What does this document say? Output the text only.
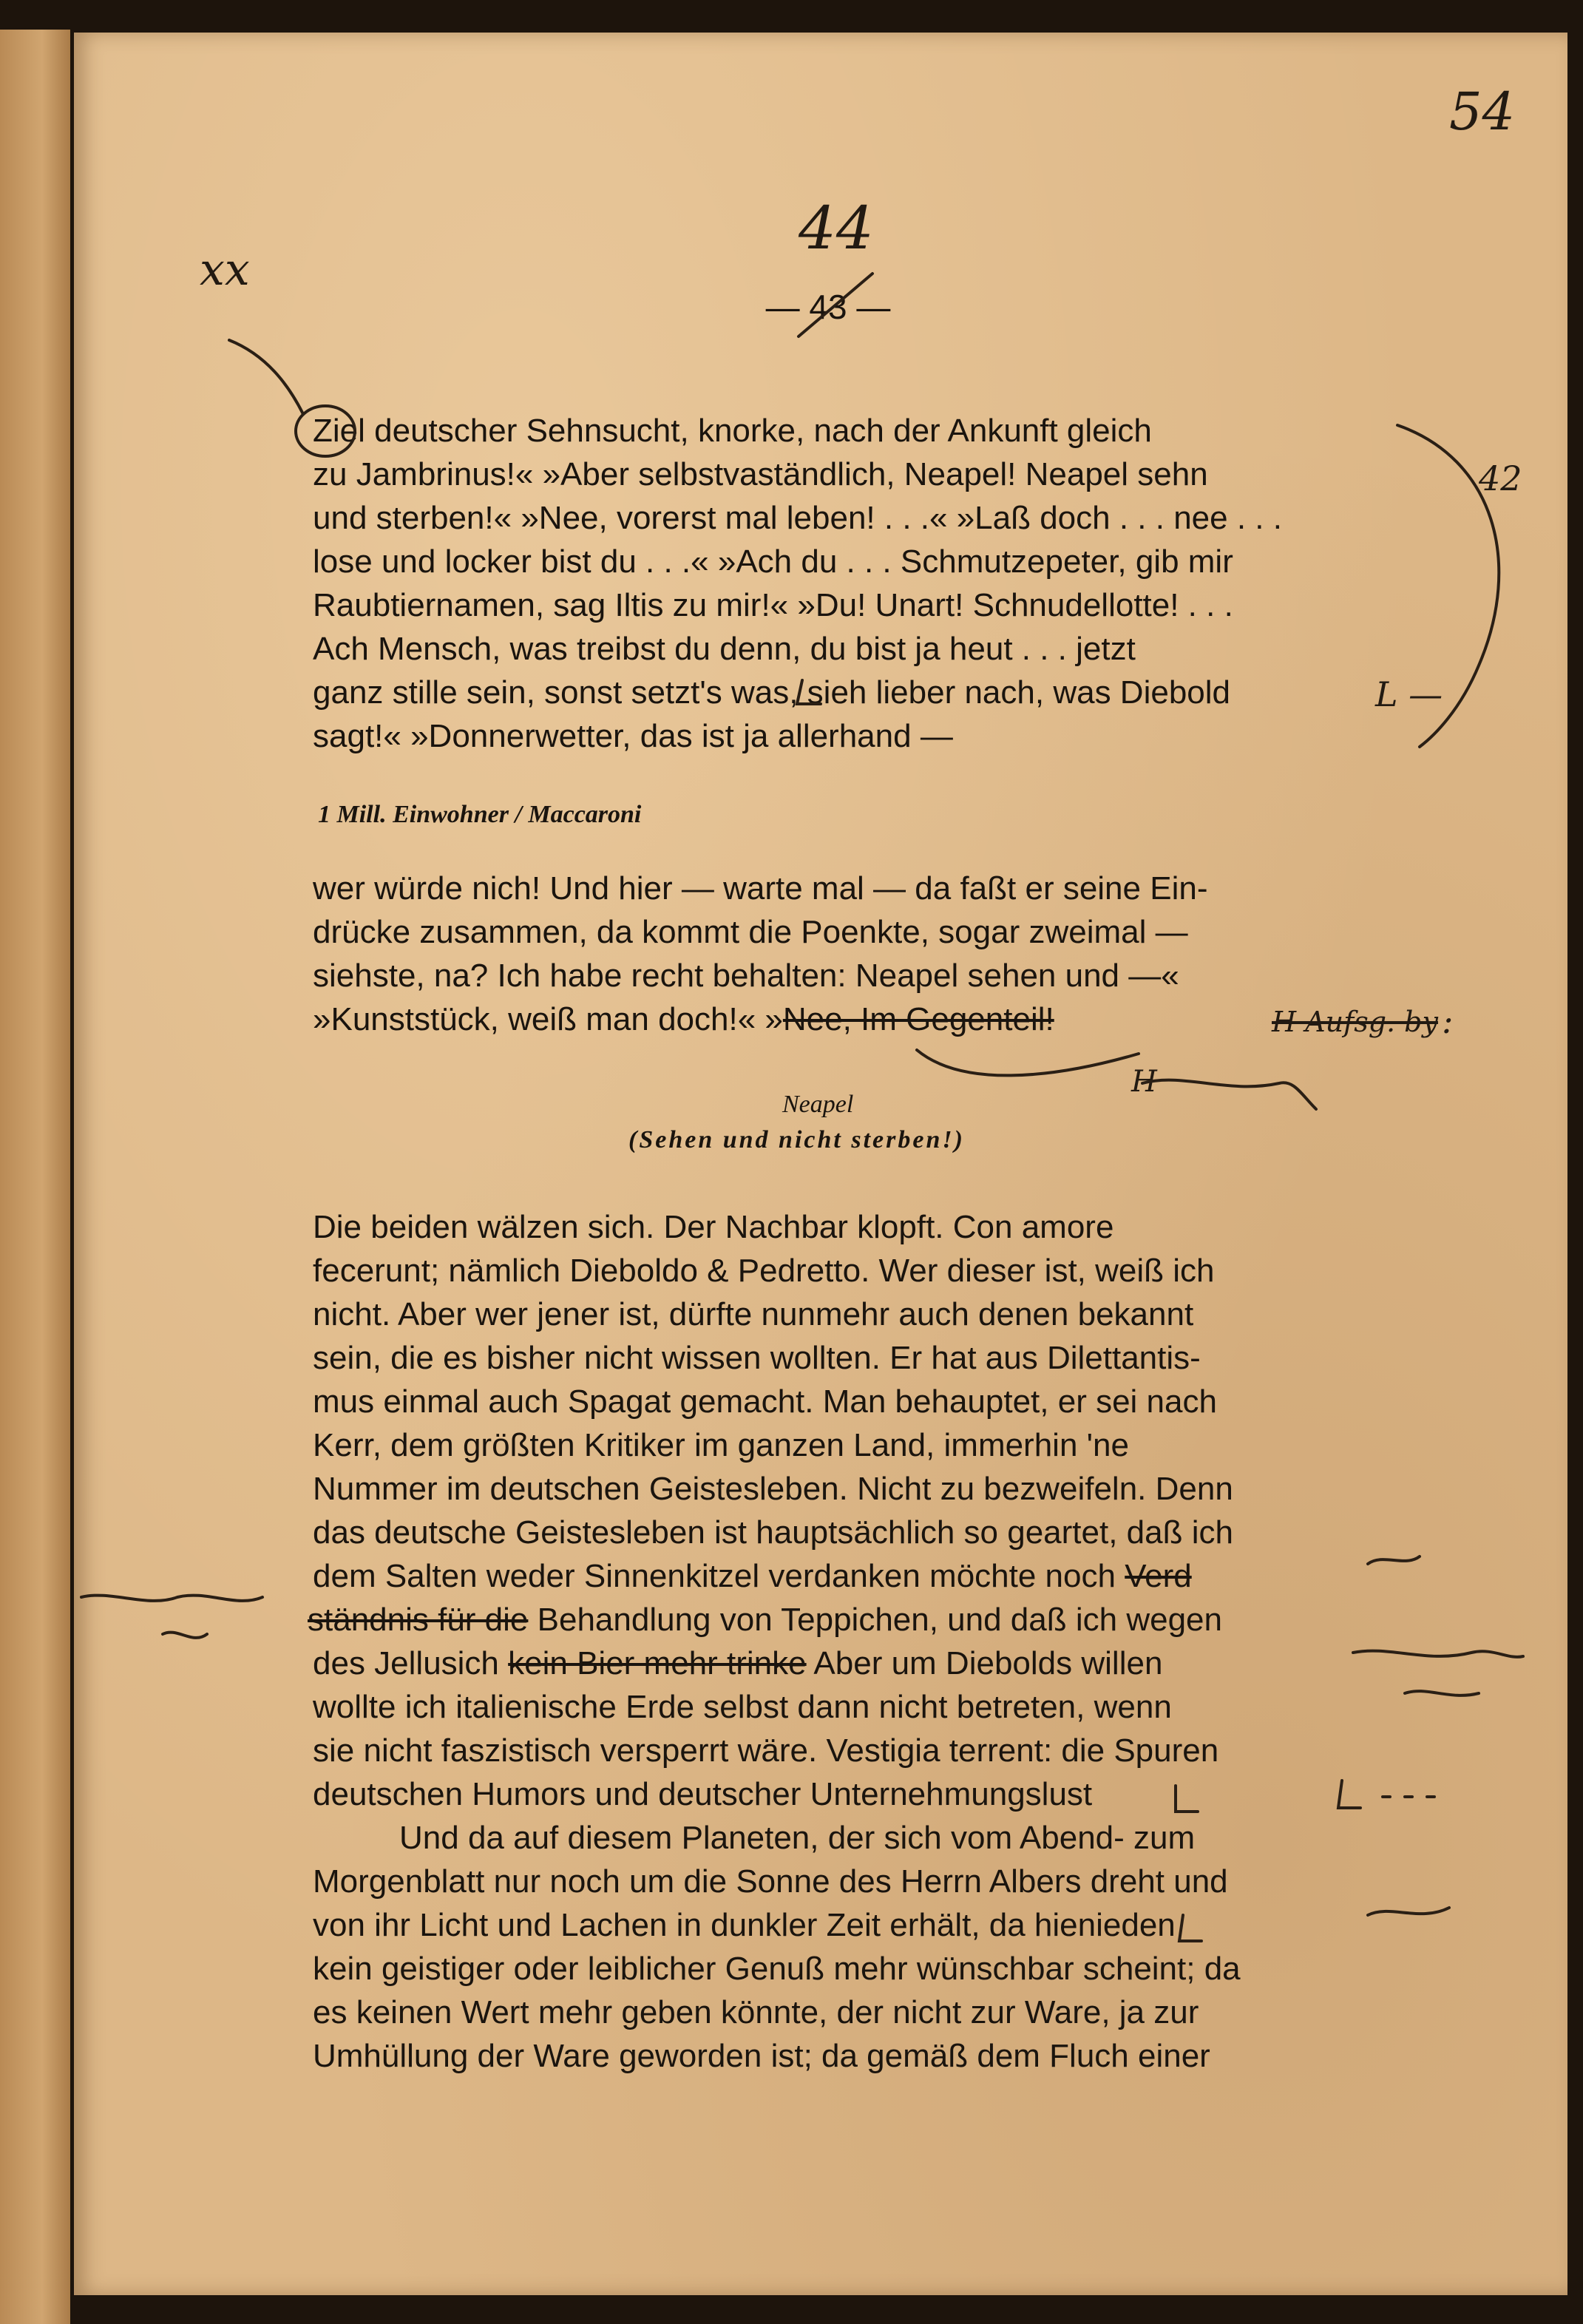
54
xx
44
— 43 —
Ziel deutscher Sehnsucht, knorke, nach der Ankunft gleich
zu Jambrinus!« »Aber selbstvaständlich, Neapel! Neapel sehn
und sterben!« »Nee, vorerst mal leben! . . .« »Laß doch . . . nee . . .
lose und locker bist du . . .« »Ach du . . . Schmutzepeter, gib mir
Raubtiernamen, sag Iltis zu mir!« »Du! Unart! Schnudellotte! . . .
Ach Mensch, was treibst du denn, du bist ja heut . . . jetzt
ganz stille sein, sonst setzt's was, sieh lieber nach, was Diebold
sagt!« »Donnerwetter, das ist ja allerhand —
1 Mill. Einwohner / Maccaroni
wer würde nich! Und hier — warte mal — da faßt er seine Ein-
drücke zusammen, da kommt die Poenkte, sogar zweimal —
siehste, na? Ich habe recht behalten: Neapel sehen und —«
»Kunststück, weiß man doch!« »Nee, Im Gegenteil!
Neapel
(Sehen und nicht sterben!)
Die beiden wälzen sich. Der Nachbar klopft. Con amore
fecerunt; nämlich Dieboldo & Pedretto. Wer dieser ist, weiß ich
nicht. Aber wer jener ist, dürfte nunmehr auch denen bekannt
sein, die es bisher nicht wissen wollten. Er hat aus Dilettantis-
mus einmal auch Spagat gemacht. Man behauptet, er sei nach
Kerr, dem größten Kritiker im ganzen Land, immerhin 'ne
Nummer im deutschen Geistesleben. Nicht zu bezweifeln. Denn
das deutsche Geistesleben ist hauptsächlich so geartet, daß ich
dem Salten weder Sinnenkitzel verdanken möchte noch Verd
ständnis für die Behandlung von Teppichen, und daß ich wegen
des Jellusich kein Bier mehr trinke Aber um Diebolds willen
wollte ich italienische Erde selbst dann nicht betreten, wenn
sie nicht faszistisch versperrt wäre. Vestigia terrent: die Spuren
deutschen Humors und deutscher Unternehmungslust
Und da auf diesem Planeten, der sich vom Abend- zum
Morgenblatt nur noch um die Sonne des Herrn Albers dreht und
von ihr Licht und Lachen in dunkler Zeit erhält, da hienieden
kein geistiger oder leiblicher Genuß mehr wünschbar scheint; da
es keinen Wert mehr geben könnte, der nicht zur Ware, ja zur
Umhüllung der Ware geworden ist; da gemäß dem Fluch einer
42
L —
:
H Aufsg. by
H
